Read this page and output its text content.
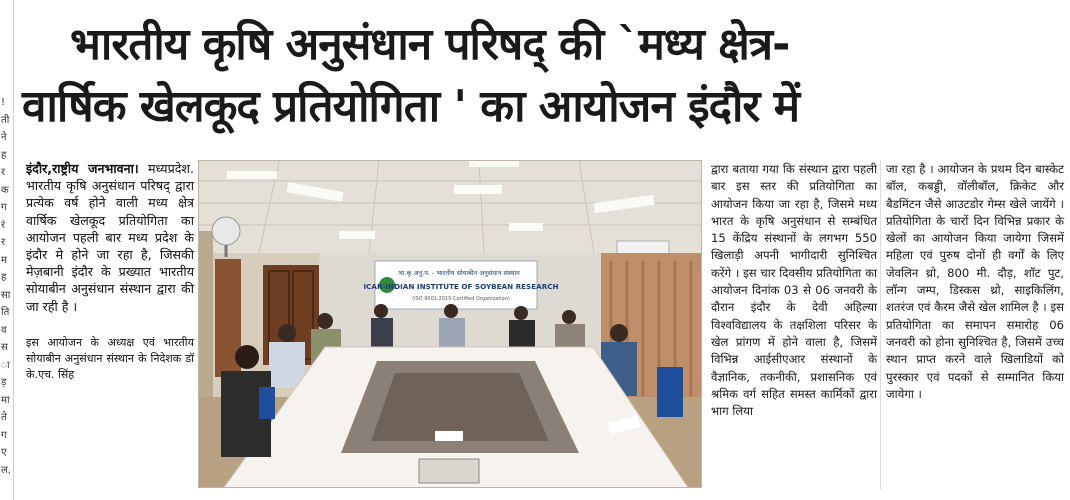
!
ती
ने
ह
र
क
ग
रं
र
म
ह
सा
ति
व
स
ा
ड़
मा
ते
ग
ए
ल,
भारतीय कृषि अनुसंधान परिषद् की `मध्य क्षेत्र-
वार्षिक खेलकूद प्रतियोगिता ' का आयोजन इंदौर में
इंदौर,राष्ट्रीय जनभावना। मध्यप्रदेश. भारतीय कृषि अनुसंधान परिषद् द्वारा प्रत्येक वर्ष होने वाली मध्य क्षेत्र वार्षिक खेलकूद प्रतियोगिता का आयोजन पहली बार मध्य प्रदेश के इंदौर मे होने जा रहा है, जिसकी मेज़बानी इंदौर के प्रख्यात भारतीय सोयाबीन अनुसंधान संस्थान द्वारा की जा रही है ।

इस आयोजन के अध्यक्ष एवं भारतीय सोयाबीन अनुसंधान संस्थान के निदेशक डॉ के.एच. सिंह

भा.कृ.अनु.प. - भारतीय सोयाबीन अनुसंधान संस्थान
ICAR-INDIAN INSTITUTE OF SOYBEAN RESEARCH
(ISO 9001:2015 Certified Organization)
द्वारा बताया गया कि संस्थान द्वारा पहली बार इस स्तर की प्रतियोगिता का आयोजन किया जा रहा है, जिसमे मध्य भारत के कृषि अनुसंधान से सम्बंधित 15 केंद्रिय संस्थानों के लगभग 550 खिलाड़ी अपनी भागीदारी सुनिश्चित करेंगे । इस चार दिवसीय प्रतियोगिता का आयोजन दिनांक 03 से 06 जनवरी के दौरान इंदौर के देवी अहिल्या विश्वविद्यालय के तक्षशिला परिसर के खेल प्रांगण में होने वाला है, जिसमें विभिन्न आईसीएआर संस्थानों के वैज्ञानिक, तकनीकी, प्रशासनिक एवं श्रमिक वर्ग सहित समस्त कार्मिकों द्वारा भाग लिया
जा रहा है । आयोजन के प्रथम दिन बास्केट बॉल, कबड्डी, वॉलीबॉल, क्रिकेट और बैडमिंटन जैसे आउटडोर गेम्स खेले जायेंगे । प्रतियोगिता के चारों दिन विभिन्न प्रकार के खेलों का आयोजन किया जायेगा जिसमें महिला एवं पुरुष दोनों ही वर्गों के लिए जेवलिन थ्रो, 800 मी. दौड़, शॉट पुट, लॉन्ग जम्प, डिस्कस थ्रो, साइकिलिंग, शतरंज एवं कैरम जैसे खेल शामिल है । इस प्रतियोगिता का समापन समारोह 06 जनवरी को होना सुनिश्चित है, जिसमें उच्च स्थान प्राप्त करने वाले खिलाडियों को पुरस्कार एवं पदकों से सम्मानित किया जायेगा ।
